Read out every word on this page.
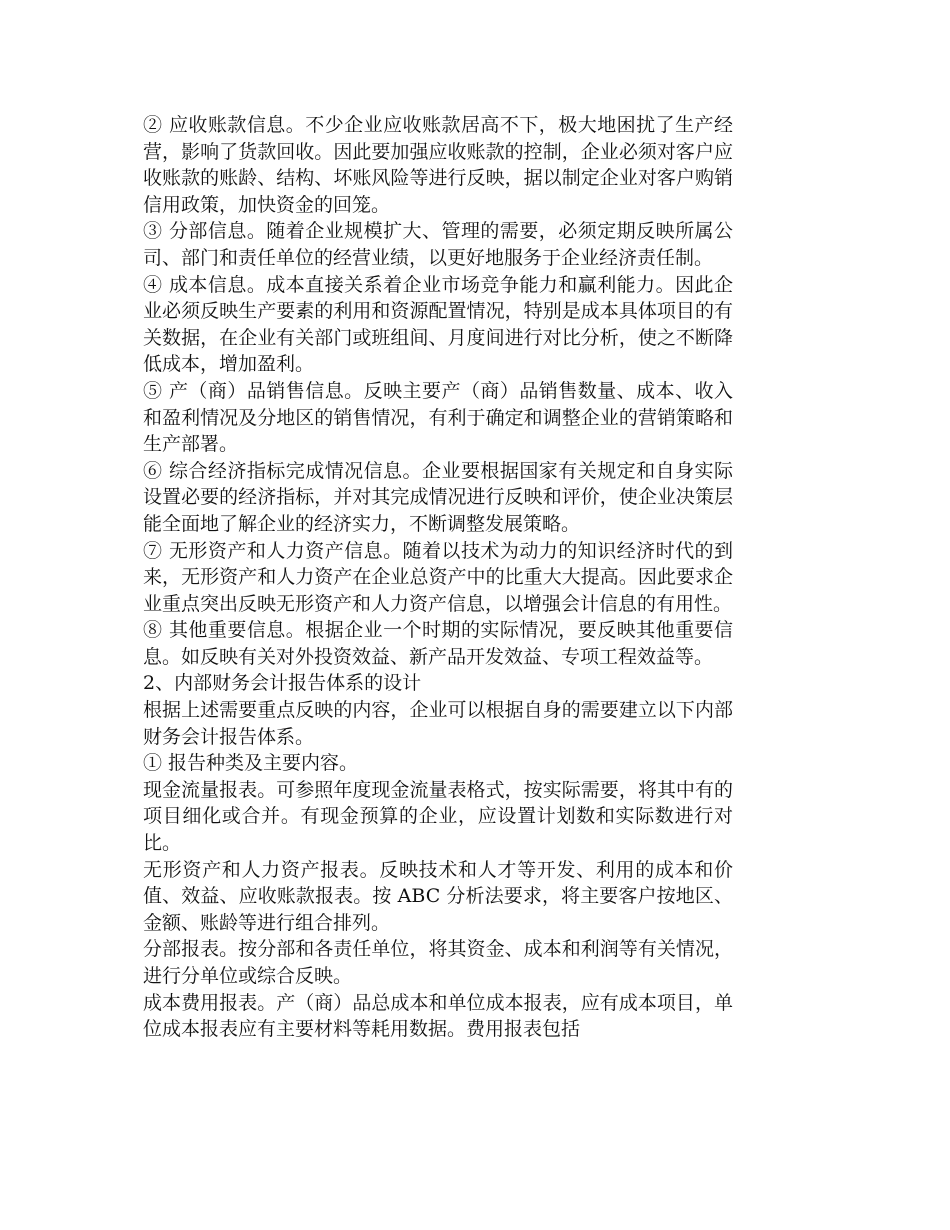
② 应收账款信息。不少企业应收账款居高不下，极大地困扰了生产经营，影响了货款回收。因此要加强应收账款的控制，企业必须对客户应收账款的账龄、结构、坏账风险等进行反映，据以制定企业对客户购销信用政策，加快资金的回笼。

③ 分部信息。随着企业规模扩大、管理的需要，必须定期反映所属公司、部门和责任单位的经营业绩，以更好地服务于企业经济责任制。

④ 成本信息。成本直接关系着企业市场竞争能力和赢利能力。因此企业必须反映生产要素的利用和资源配置情况，特别是成本具体项目的有关数据，在企业有关部门或班组间、月度间进行对比分析，使之不断降低成本，增加盈利。

⑤ 产（商）品销售信息。反映主要产（商）品销售数量、成本、收入和盈利情况及分地区的销售情况，有利于确定和调整企业的营销策略和生产部署。

⑥ 综合经济指标完成情况信息。企业要根据国家有关规定和自身实际设置必要的经济指标，并对其完成情况进行反映和评价，使企业决策层能全面地了解企业的经济实力，不断调整发展策略。

⑦ 无形资产和人力资产信息。随着以技术为动力的知识经济时代的到来，无形资产和人力资产在企业总资产中的比重大大提高。因此要求企业重点突出反映无形资产和人力资产信息，以增强会计信息的有用性。

⑧ 其他重要信息。根据企业一个时期的实际情况，要反映其他重要信息。如反映有关对外投资效益、新产品开发效益、专项工程效益等。

2、内部财务会计报告体系的设计

根据上述需要重点反映的内容，企业可以根据自身的需要建立以下内部财务会计报告体系。

① 报告种类及主要内容。

现金流量报表。可参照年度现金流量表格式，按实际需要，将其中有的项目细化或合并。有现金预算的企业，应设置计划数和实际数进行对比。

无形资产和人力资产报表。反映技术和人才等开发、利用的成本和价值、效益、应收账款报表。按 ABC 分析法要求，将主要客户按地区、金额、账龄等进行组合排列。

分部报表。按分部和各责任单位，将其资金、成本和利润等有关情况，进行分单位或综合反映。

成本费用报表。产（商）品总成本和单位成本报表，应有成本项目，单位成本报表应有主要材料等耗用数据。费用报表包括
